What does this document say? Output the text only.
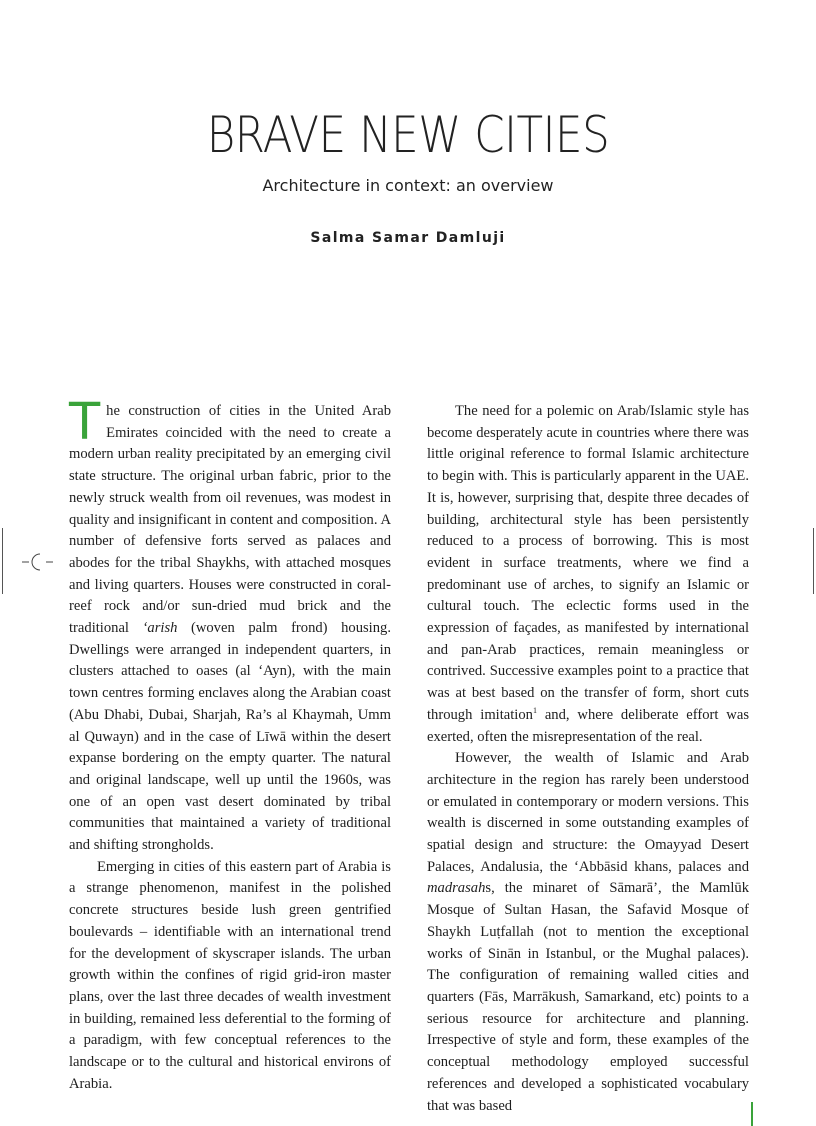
BRAVE NEW CITIES
Architecture in context: an overview
Salma Samar Damluji

The construction of cities in the United Arab Emirates coincided with the need to create a modern urban reality precipitated by an emerging civil state structure. The original urban fabric, prior to the newly struck wealth from oil revenues, was modest in quality and insignificant in content and composition. A number of defensive forts served as palaces and abodes for the tribal Shaykhs, with attached mosques and living quarters. Houses were constructed in coral-reef rock and/or sun-dried mud brick and the traditional ‘arish (woven palm frond) housing. Dwellings were arranged in independent quarters, in clusters attached to oases (al ‘Ayn), with the main town centres forming enclaves along the Arabian coast (Abu Dhabi, Dubai, Sharjah, Ra’s al Khaymah, Umm al Quwayn) and in the case of Līwā within the desert expanse bordering on the empty quarter. The natural and original landscape, well up until the 1960s, was one of an open vast desert dominated by tribal communities that maintained a variety of traditional and shifting strongholds.

Emerging in cities of this eastern part of Arabia is a strange phenomenon, manifest in the polished concrete structures beside lush green gentrified boulevards – identifiable with an international trend for the development of skyscraper islands. The urban growth within the confines of rigid grid-iron master plans, over the last three decades of wealth investment in building, remained less deferential to the forming of a paradigm, with few conceptual references to the landscape or to the cultural and historical environs of Arabia.

The need for a polemic on Arab/Islamic style has become desperately acute in countries where there was little original reference to formal Islamic architecture to begin with. This is particularly apparent in the UAE. It is, however, surprising that, despite three decades of building, architectural style has been persistently reduced to a process of borrowing. This is most evident in surface treatments, where we find a predominant use of arches, to signify an Islamic or cultural touch. The eclectic forms used in the expression of façades, as manifested by international and pan-Arab practices, remain meaningless or contrived. Successive examples point to a practice that was at best based on the transfer of form, short cuts through imitation$^1$ and, where deliberate effort was exerted, often the misrepresentation of the real.

However, the wealth of Islamic and Arab architecture in the region has rarely been understood or emulated in contemporary or modern versions. This wealth is discerned in some outstanding examples of spatial design and structure: the Omayyad Desert Palaces, Andalusia, the ‘Abbāsid khans, palaces and madrasahs, the minaret of Sāmarā’, the Mamlūk Mosque of Sultan Hasan, the Safavid Mosque of Shaykh Luṭfallah (not to mention the exceptional works of Sinān in Istanbul, or the Mughal palaces). The configuration of remaining walled cities and quarters (Fās, Marrākush, Samarkand, etc) points to a serious resource for architecture and planning. Irrespective of style and form, these examples of the conceptual methodology employed successful references and developed a sophisticated vocabulary that was based
